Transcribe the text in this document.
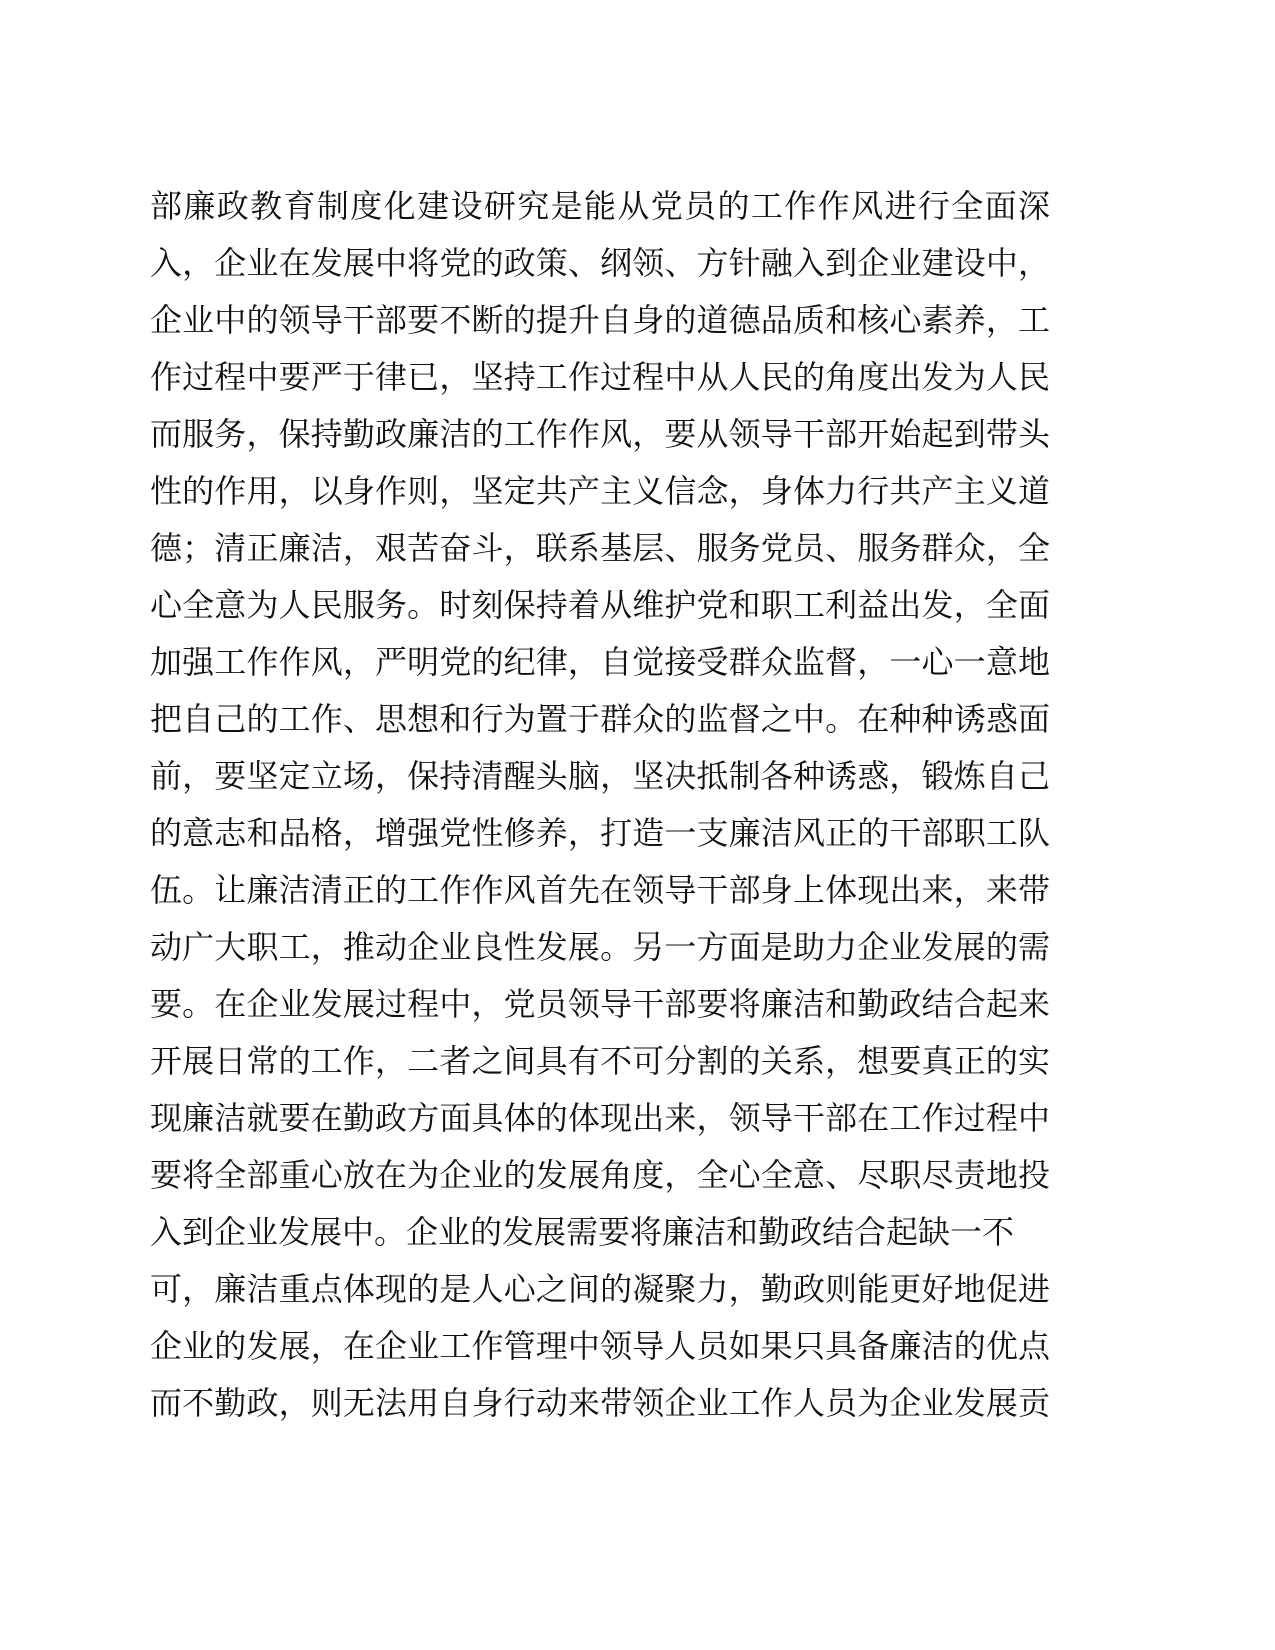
部廉政教育制度化建设研究是能从党员的工作作风进行全面深
入，企业在发展中将党的政策、纲领、方针融入到企业建设中，
企业中的领导干部要不断的提升自身的道德品质和核心素养，工
作过程中要严于律已，坚持工作过程中从人民的角度出发为人民
而服务，保持勤政廉洁的工作作风，要从领导干部开始起到带头
性的作用，以身作则，坚定共产主义信念，身体力行共产主义道
德；清正廉洁，艰苦奋斗，联系基层、服务党员、服务群众，全
心全意为人民服务。时刻保持着从维护党和职工利益出发，全面
加强工作作风，严明党的纪律，自觉接受群众监督，一心一意地
把自己的工作、思想和行为置于群众的监督之中。在种种诱惑面
前，要坚定立场，保持清醒头脑，坚决抵制各种诱惑，锻炼自己
的意志和品格，增强党性修养，打造一支廉洁风正的干部职工队
伍。让廉洁清正的工作作风首先在领导干部身上体现出来，来带
动广大职工，推动企业良性发展。另一方面是助力企业发展的需
要。在企业发展过程中，党员领导干部要将廉洁和勤政结合起来
开展日常的工作，二者之间具有不可分割的关系，想要真正的实
现廉洁就要在勤政方面具体的体现出来，领导干部在工作过程中
要将全部重心放在为企业的发展角度，全心全意、尽职尽责地投
入到企业发展中。企业的发展需要将廉洁和勤政结合起缺一不
可，廉洁重点体现的是人心之间的凝聚力，勤政则能更好地促进
企业的发展，在企业工作管理中领导人员如果只具备廉洁的优点
而不勤政，则无法用自身行动来带领企业工作人员为企业发展贡
